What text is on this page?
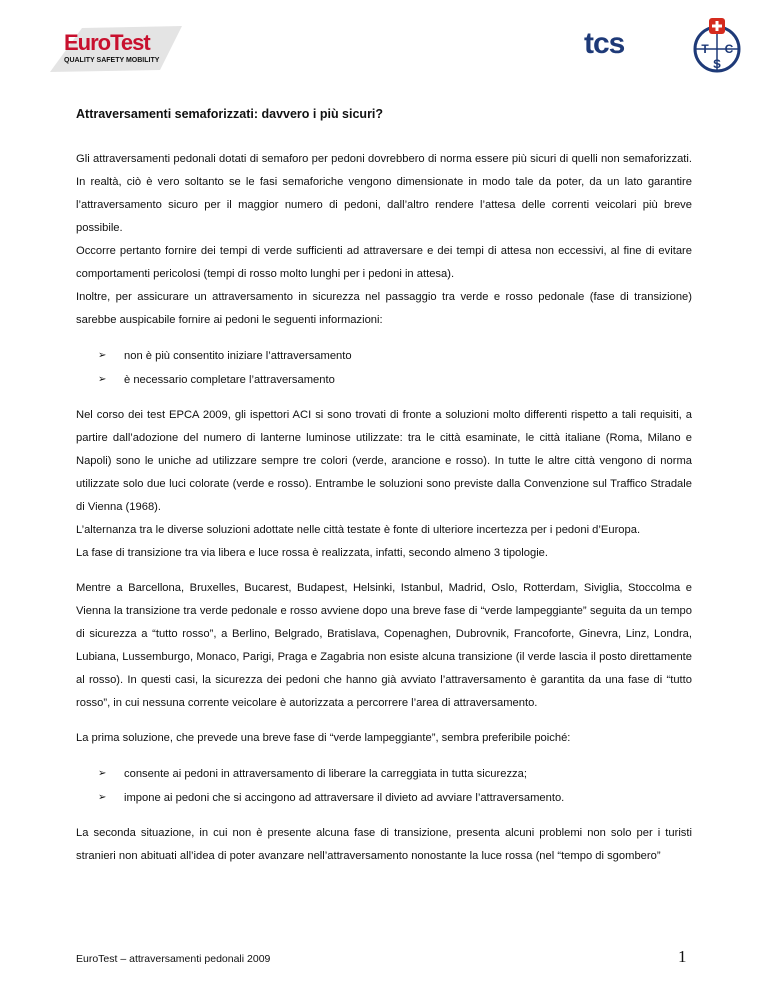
EuroTest
QUALITY SAFETY MOBILITY
tcs	T C
S
Attraversamenti semaforizzati: davvero i più sicuri?

Gli attraversamenti pedonali dotati di semaforo per pedoni dovrebbero di norma essere più sicuri di quelli non semaforizzati. In realtà, ciò è vero soltanto se le fasi semaforiche vengono dimensionate in modo tale da poter, da un lato garantire l’attraversamento sicuro per il maggior numero di pedoni, dall’altro rendere l’attesa delle correnti veicolari più breve possibile.

Occorre pertanto fornire dei tempi di verde sufficienti ad attraversare e dei tempi di attesa non eccessivi, al fine di evitare comportamenti pericolosi (tempi di rosso molto lunghi per i pedoni in attesa).

Inoltre, per assicurare un attraversamento in sicurezza nel passaggio tra verde e rosso pedonale (fase di transizione) sarebbe auspicabile fornire ai pedoni le seguenti informazioni:

➢ non è più consentito iniziare l’attraversamento
➢ è necessario completare l’attraversamento

Nel corso dei test EPCA 2009, gli ispettori ACI si sono trovati di fronte a soluzioni molto differenti rispetto a tali requisiti, a partire dall’adozione del numero di lanterne luminose utilizzate: tra le città esaminate, le città italiane (Roma, Milano e Napoli) sono le uniche ad utilizzare sempre tre colori (verde, arancione e rosso). In tutte le altre città vengono di norma utilizzate solo due luci colorate (verde e rosso). Entrambe le soluzioni sono previste dalla Convenzione sul Traffico Stradale di Vienna (1968).

L’alternanza tra le diverse soluzioni adottate nelle città testate è fonte di ulteriore incertezza per i pedoni d’Europa.

La fase di transizione tra via libera e luce rossa è realizzata, infatti, secondo almeno 3 tipologie.

Mentre a Barcellona, Bruxelles, Bucarest, Budapest, Helsinki, Istanbul, Madrid, Oslo, Rotterdam, Siviglia, Stoccolma e Vienna la transizione tra verde pedonale e rosso avviene dopo una breve fase di “verde lampeggiante” seguita da un tempo di sicurezza a “tutto rosso”, a Berlino, Belgrado, Bratislava, Copenaghen, Dubrovnik, Francoforte, Ginevra, Linz, Londra, Lubiana, Lussemburgo, Monaco, Parigi, Praga e Zagabria non esiste alcuna transizione (il verde lascia il posto direttamente al rosso). In questi casi, la sicurezza dei pedoni che hanno già avviato l’attraversamento è garantita da una fase di “tutto rosso”, in cui nessuna corrente veicolare è autorizzata a percorrere l’area di attraversamento.

La prima soluzione, che prevede una breve fase di “verde lampeggiante”, sembra preferibile poiché:

➢ consente ai pedoni in attraversamento di liberare la carreggiata in tutta sicurezza;
➢ impone ai pedoni che si accingono ad attraversare il divieto ad avviare l’attraversamento.

La seconda situazione, in cui non è presente alcuna fase di transizione, presenta alcuni problemi non solo per i turisti stranieri non abituati all’idea di poter avanzare nell’attraversamento nonostante la luce rossa (nel “tempo di sgombero”

EuroTest – attraversamenti pedonali 2009	1
